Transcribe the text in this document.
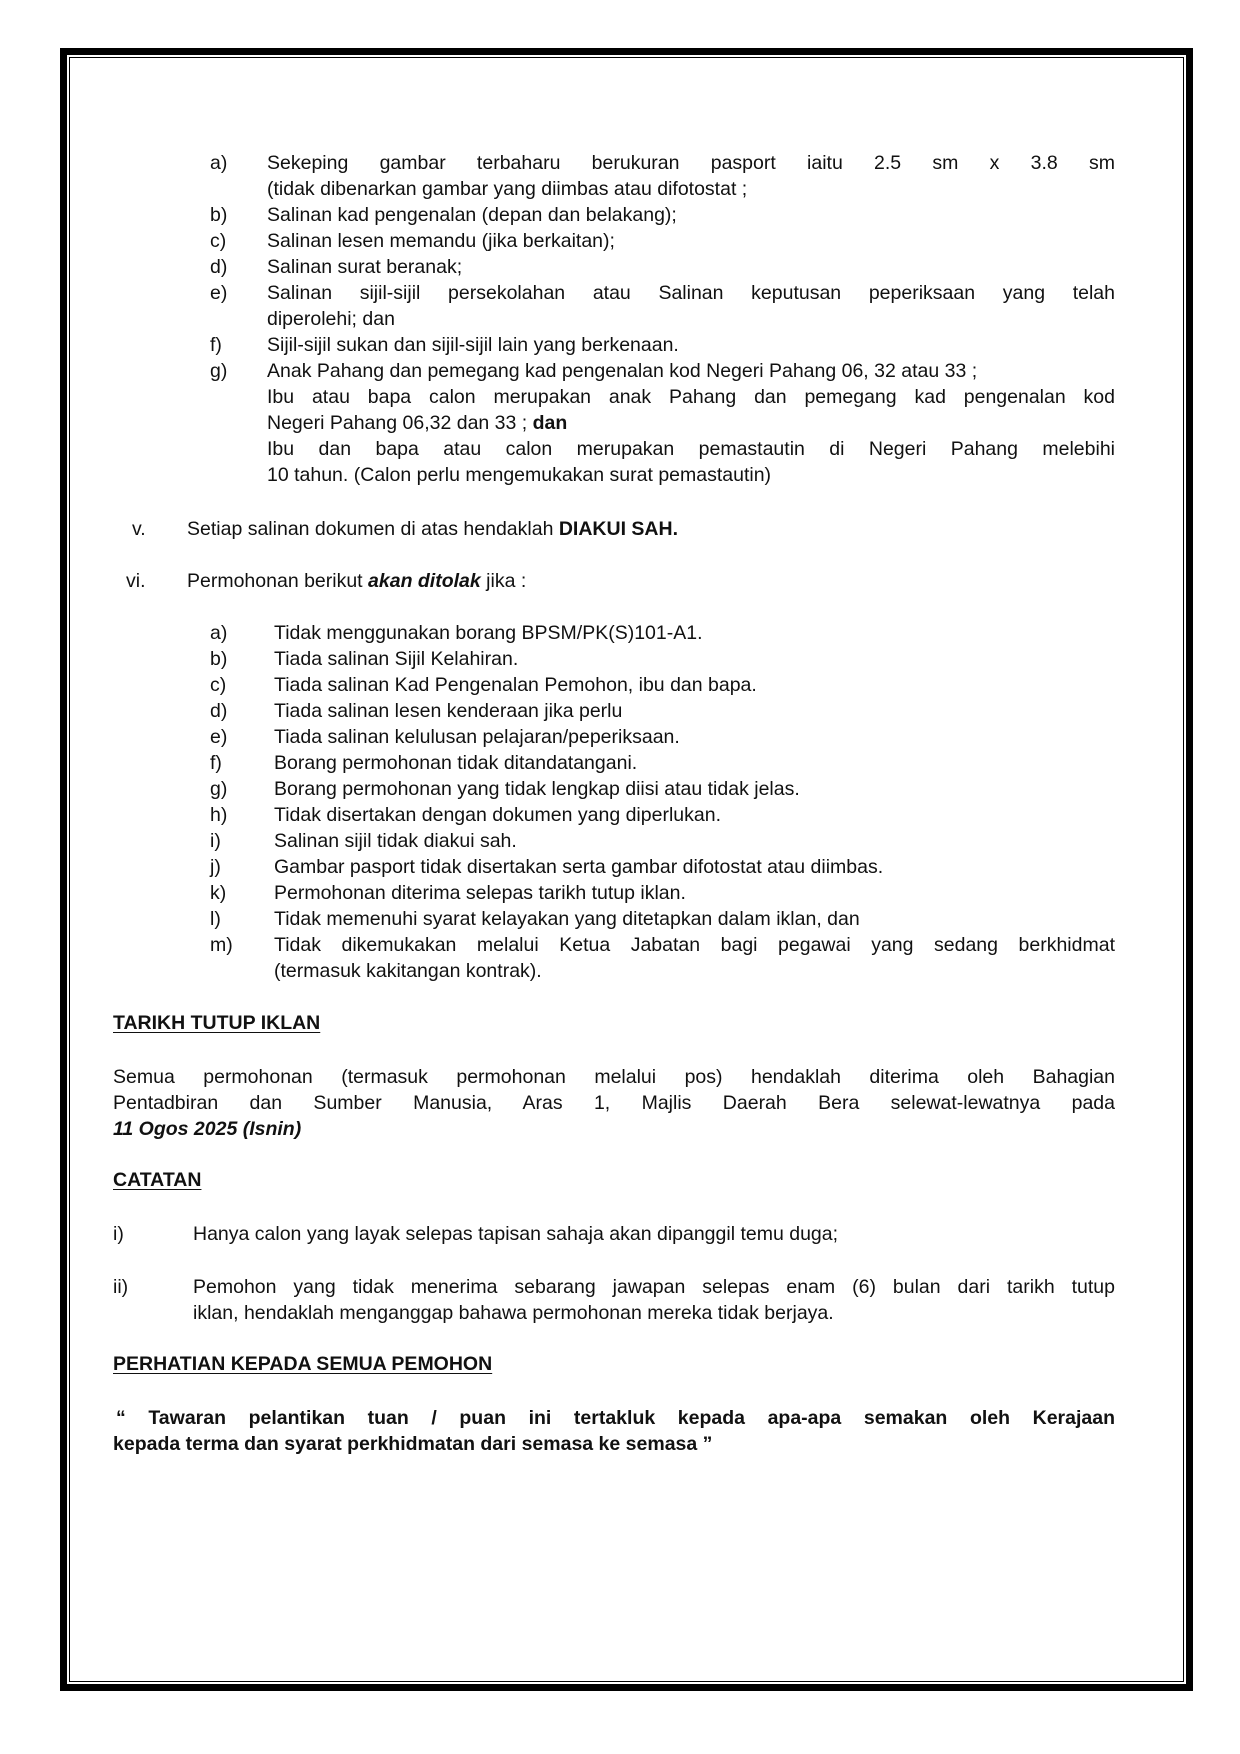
a) Sekeping gambar terbaharu berukuran pasport iaitu 2.5 sm x 3.8 sm
(tidak dibenarkan gambar yang diimbas atau difotostat ;
b) Salinan kad pengenalan (depan dan belakang);
c) Salinan lesen memandu (jika berkaitan);
d) Salinan surat beranak;
e) Salinan sijil-sijil persekolahan atau Salinan keputusan peperiksaan yang telah
diperolehi; dan
f) Sijil-sijil sukan dan sijil-sijil lain yang berkenaan.
g) Anak Pahang dan pemegang kad pengenalan kod Negeri Pahang 06, 32 atau 33 ;
Ibu atau bapa calon merupakan anak Pahang dan pemegang kad pengenalan kod
Negeri Pahang 06,32 dan 33 ; dan
Ibu dan bapa atau calon merupakan pemastautin di Negeri Pahang melebihi
10 tahun. (Calon perlu mengemukakan surat pemastautin)
v. Setiap salinan dokumen di atas hendaklah DIAKUI SAH.
vi. Permohonan berikut akan ditolak jika :
a) Tidak menggunakan borang BPSM/PK(S)101-A1.
b) Tiada salinan Sijil Kelahiran.
c) Tiada salinan Kad Pengenalan Pemohon, ibu dan bapa.
d) Tiada salinan lesen kenderaan jika perlu
e) Tiada salinan kelulusan pelajaran/peperiksaan.
f)	Borang permohonan tidak ditandatangani.
g) Borang permohonan yang tidak lengkap diisi atau tidak jelas.
h) Tidak disertakan dengan dokumen yang diperlukan.
i)	Salinan sijil tidak diakui sah.
j)	Gambar pasport tidak disertakan serta gambar difotostat atau diimbas.
k) Permohonan diterima selepas tarikh tutup iklan.
l)	Tidak memenuhi syarat kelayakan yang ditetapkan dalam iklan, dan
m) Tidak dikemukakan melalui Ketua Jabatan bagi pegawai yang sedang berkhidmat
(termasuk kakitangan kontrak).
TARIKH TUTUP IKLAN
Semua permohonan (termasuk permohonan melalui pos) hendaklah diterima oleh Bahagian
Pentadbiran dan Sumber Manusia, Aras 1, Majlis Daerah Bera selewat-lewatnya pada
11 Ogos 2025 (Isnin)
CATATAN
i)	Hanya calon yang layak selepas tapisan sahaja akan dipanggil temu duga;
ii)	Pemohon yang tidak menerima sebarang jawapan selepas enam (6) bulan dari tarikh tutup
iklan, hendaklah menganggap bahawa permohonan mereka tidak berjaya.
PERHATIAN KEPADA SEMUA PEMOHON
“ Tawaran pelantikan tuan / puan ini tertakluk kepada apa-apa semakan oleh Kerajaan
kepada terma dan syarat perkhidmatan dari semasa ke semasa ”
